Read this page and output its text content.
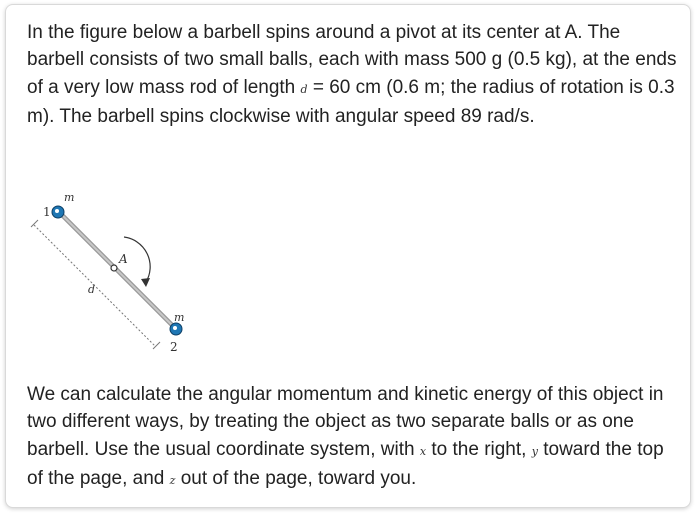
In the figure below a barbell spins around a pivot at its center at A. The barbell consists of two small balls, each with mass 500 g (0.5 kg), at the ends of a very low mass rod of length d = 60 cm (0.6 m; the radius of rotation is 0.3 m). The barbell spins clockwise with angular speed 89 rad/s.

m
1
A
d
m
2

We can calculate the angular momentum and kinetic energy of this object in two different ways, by treating the object as two separate balls or as one barbell. Use the usual coordinate system, with x to the right, y toward the top of the page, and z out of the page, toward you.
